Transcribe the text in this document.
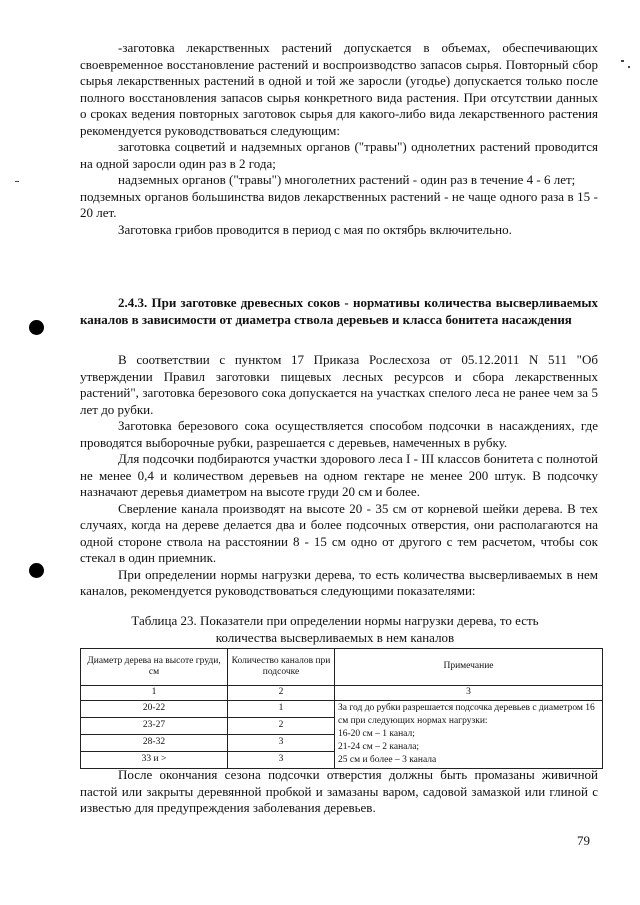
-заготовка лекарственных растений допускается в объемах, обеспечивающих своевременное восстановление растений и воспроизводство запасов сырья. Повторный сбор сырья лекарственных растений в одной и той же заросли (угодье) допускается только после полного восстановления запасов сырья конкретного вида растения. При отсутствии данных о сроках ведения повторных заготовок сырья для какого-либо вида лекарственного растения рекомендуется руководствоваться следующим:

заготовка соцветий и надземных органов ("травы") однолетних растений проводится на одной заросли один раз в 2 года;

надземных органов ("травы") многолетних растений - один раз в течение 4 - 6 лет;

подземных органов большинства видов лекарственных растений - не чаще одного раза в 15 - 20 лет.

Заготовка грибов проводится в период с мая по октябрь включительно.

2.4.3. При заготовке древесных соков - нормативы количества высверливаемых каналов в зависимости от диаметра ствола деревьев и класса бонитета насаждения

В соответствии с пунктом 17 Приказа Рослесхоза от 05.12.2011 N 511 "Об утверждении Правил заготовки пищевых лесных ресурсов и сбора лекарственных растений", заготовка березового сока допускается на участках спелого леса не ранее чем за 5 лет до рубки.

Заготовка березового сока осуществляется способом подсочки в насаждениях, где проводятся выборочные рубки, разрешается с деревьев, намеченных в рубку.

Для подсочки подбираются участки здорового леса I - III классов бонитета с полнотой не менее 0,4 и количеством деревьев на одном гектаре не менее 200 штук. В подсочку назначают деревья диаметром на высоте груди 20 см и более.

Сверление канала производят на высоте 20 - 35 см от корневой шейки дерева. В тех случаях, когда на дереве делается два и более подсочных отверстия, они располагаются на одной стороне ствола на расстоянии 8 - 15 см одно от другого с тем расчетом, чтобы сок стекал в один приемник.

При определении нормы нагрузки дерева, то есть количества высверливаемых в нем каналов, рекомендуется руководствоваться следующими показателями:

Таблица 23. Показатели при определении нормы нагрузки дерева, то есть
количества высверливаемых в нем каналов
Диаметр дерева на высоте груди, см	Количество каналов при подсочке	Примечание
1	2	3
20-22	1	За год до рубки разрешается подсочка деревьев с диаметром 16 см при следующих нормах нагрузки:
16-20 см – 1 канал;
21-24 см – 2 канала;
25 см и более – 3 канала

23-27	2	
28-32	3	
33 и >	3	

После окончания сезона подсочки отверстия должны быть промазаны живичной пастой или закрыты деревянной пробкой и замазаны варом, садовой замазкой или глиной с известью для предупреждения заболевания деревьев.

79
